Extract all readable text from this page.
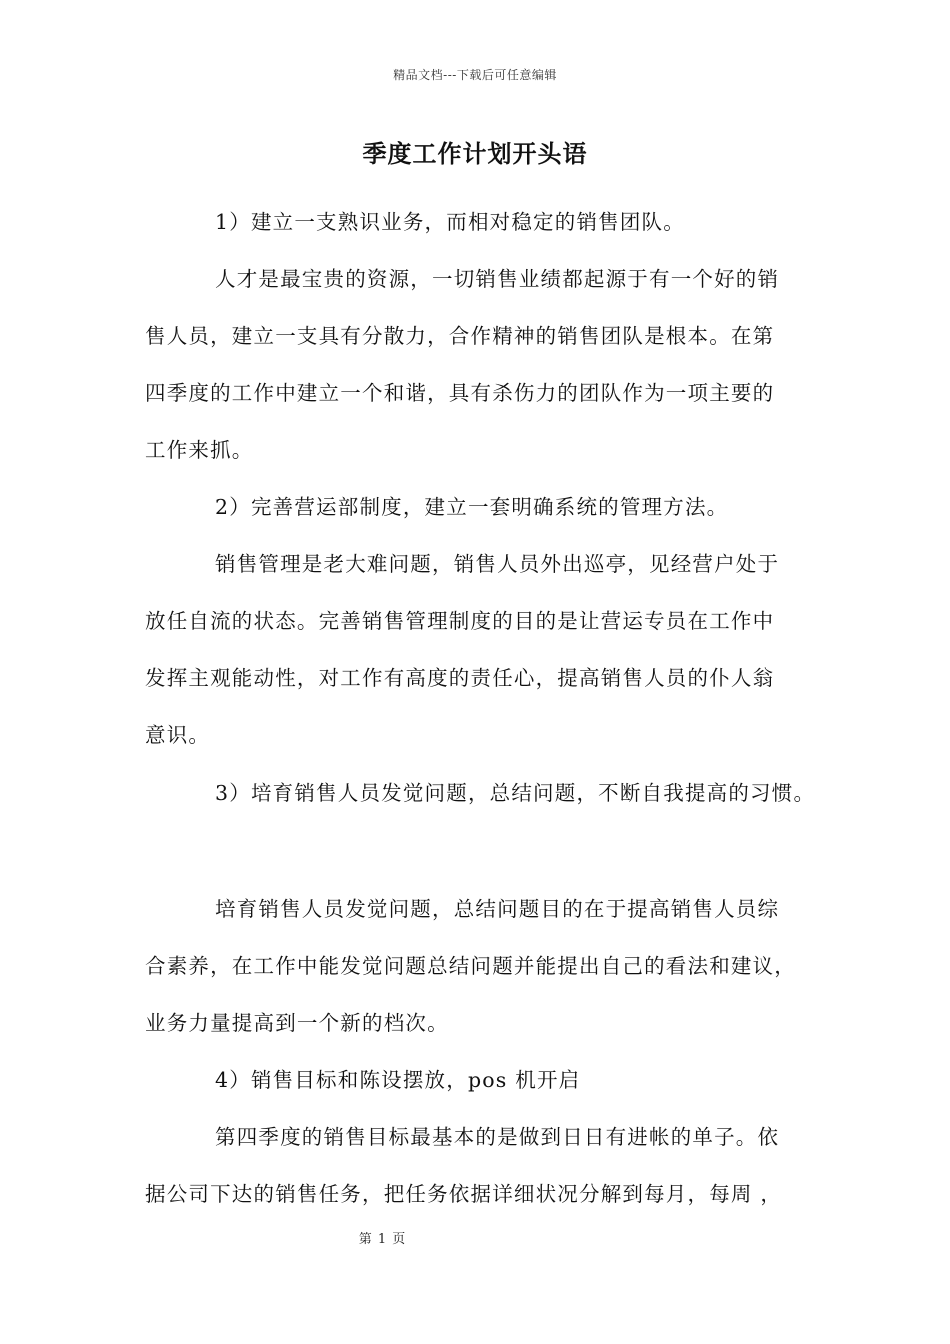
精品文档---下载后可任意编辑
季度工作计划开头语
1）建立一支熟识业务，而相对稳定的销售团队。
人才是最宝贵的资源，一切销售业绩都起源于有一个好的销
售人员，建立一支具有分散力，合作精神的销售团队是根本。在第
四季度的工作中建立一个和谐，具有杀伤力的团队作为一项主要的
工作来抓。
2）完善营运部制度，建立一套明确系统的管理方法。
销售管理是老大难问题，销售人员外出巡亭，见经营户处于
放任自流的状态。完善销售管理制度的目的是让营运专员在工作中
发挥主观能动性，对工作有高度的责任心，提高销售人员的仆人翁
意识。
3）培育销售人员发觉问题，总结问题，不断自我提高的习惯。
培育销售人员发觉问题，总结问题目的在于提高销售人员综
合素养，在工作中能发觉问题总结问题并能提出自己的看法和建议，
业务力量提高到一个新的档次。
4）销售目标和陈设摆放，pos 机开启
第四季度的销售目标最基本的是做到日日有进帐的单子。依
据公司下达的销售任务，把任务依据详细状况分解到每月，每周 ，
第 1 页
